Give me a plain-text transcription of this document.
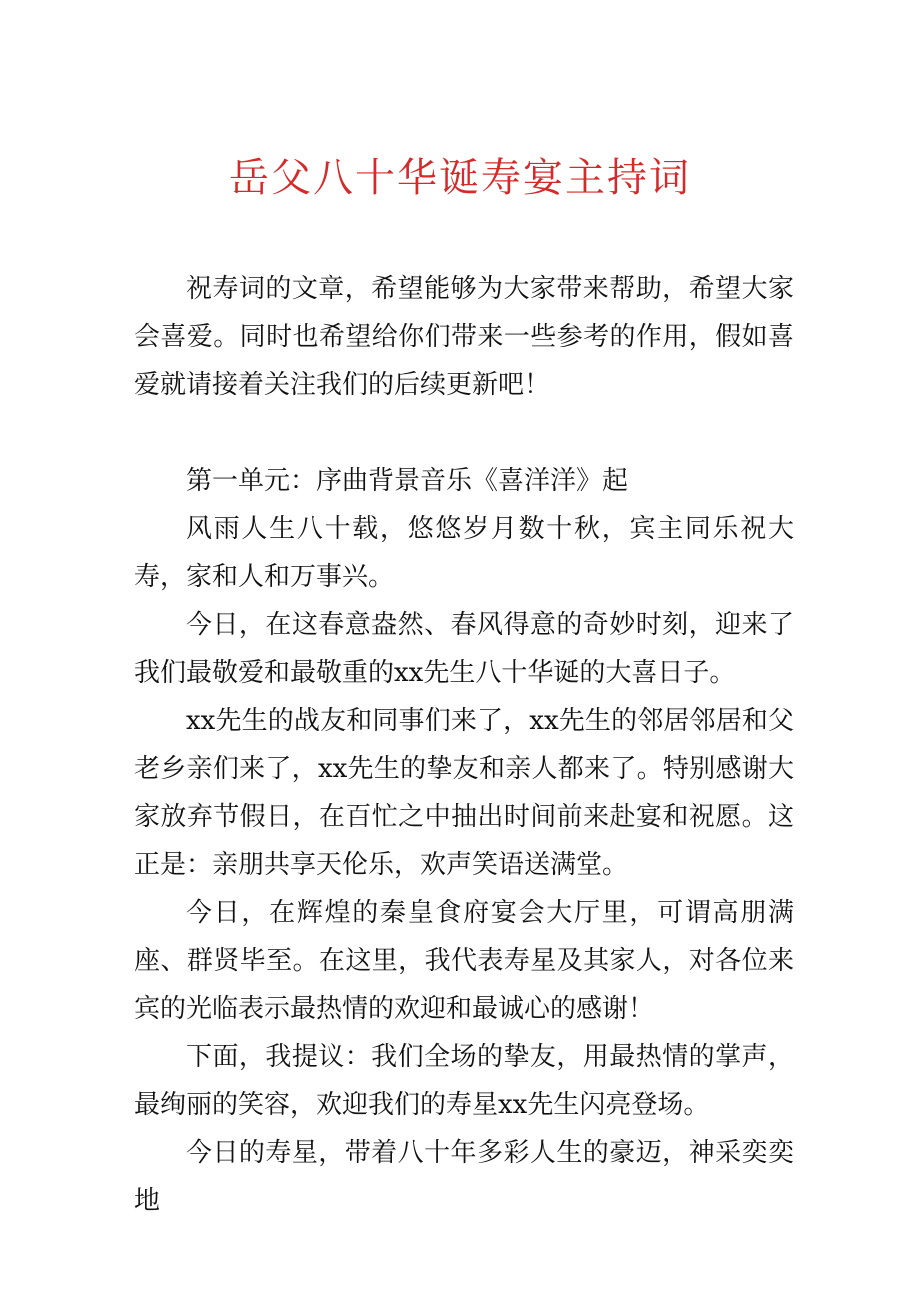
岳父八十华诞寿宴主持词

祝寿词的文章，希望能够为大家带来帮助，希望大家会喜爱。同时也希望给你们带来一些参考的作用，假如喜爱就请接着关注我们的后续更新吧！

第一单元：序曲背景音乐《喜洋洋》起

风雨人生八十载，悠悠岁月数十秋，宾主同乐祝大寿，家和人和万事兴。

今日，在这春意盎然、春风得意的奇妙时刻，迎来了我们最敬爱和最敬重的xx先生八十华诞的大喜日子。

xx先生的战友和同事们来了，xx先生的邻居邻居和父老乡亲们来了，xx先生的挚友和亲人都来了。特别感谢大家放弃节假日，在百忙之中抽出时间前来赴宴和祝愿。这正是：亲朋共享天伦乐，欢声笑语送满堂。

今日，在辉煌的秦皇食府宴会大厅里，可谓高朋满座、群贤毕至。在这里，我代表寿星及其家人，对各位来宾的光临表示最热情的欢迎和最诚心的感谢！

下面，我提议：我们全场的挚友，用最热情的掌声，最绚丽的笑容，欢迎我们的寿星xx先生闪亮登场。

今日的寿星，带着八十年多彩人生的豪迈，神采奕奕地
